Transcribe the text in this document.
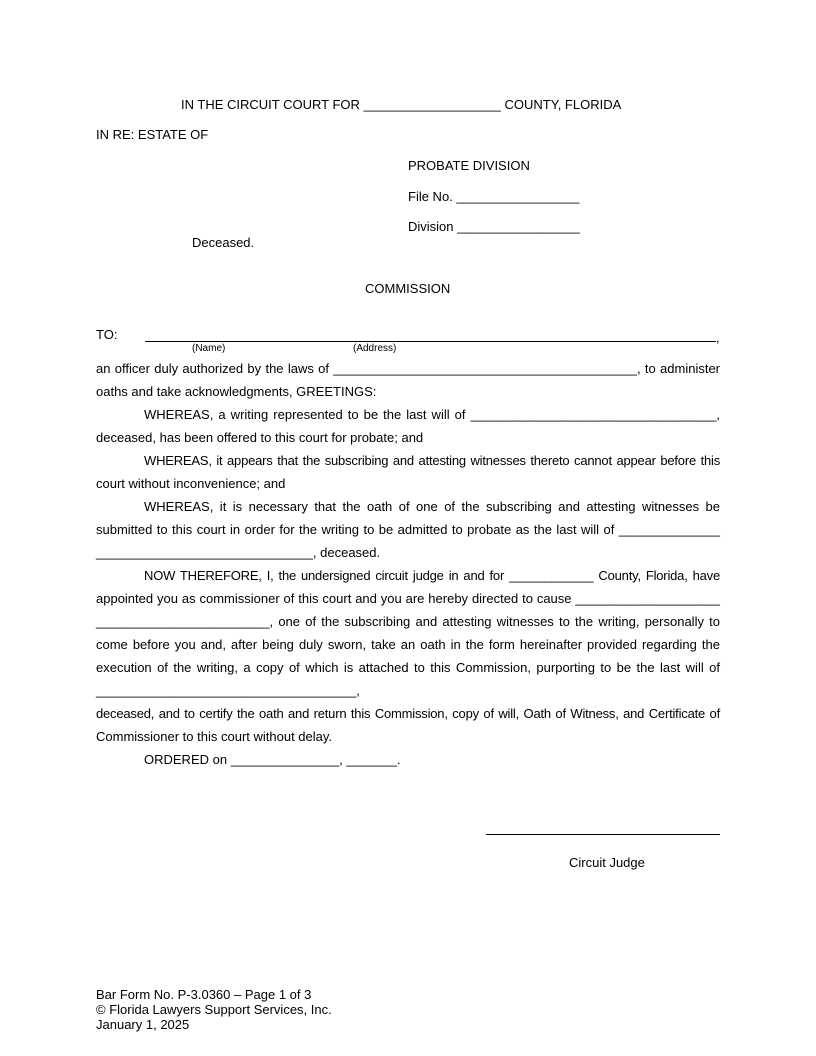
IN THE CIRCUIT COURT FOR ___________________ COUNTY, FLORIDA
IN RE: ESTATE OF
PROBATE DIVISION
File No. _________________
Division _________________
Deceased.
COMMISSION
TO:	,
(Name)	(Address)
an officer duly authorized by the laws of __________________________________________, to administer
oaths and take acknowledgments, GREETINGS:
WHEREAS, a writing represented to be the last will of __________________________________,
deceased, has been offered to this court for probate; and
WHEREAS, it appears that the subscribing and attesting witnesses thereto cannot appear before this
court without inconvenience; and
WHEREAS, it is necessary that the oath of one of the subscribing and attesting witnesses be
submitted to this court in order for the writing to be admitted to probate as the last will of ______________
______________________________, deceased.
NOW THEREFORE, I, the undersigned circuit judge in and for ____________ County, Florida, have
appointed you as commissioner of this court and you are hereby directed to cause ____________________
________________________, one of the subscribing and attesting witnesses to the writing, personally to
come before you and, after being duly sworn, take an oath in the form hereinafter provided regarding the
execution of the writing, a copy of which is attached to this Commission, purporting to be the last will of
____________________________________,
deceased, and to certify the oath and return this Commission, copy of will, Oath of Witness, and Certificate of
Commissioner to this court without delay.
ORDERED on _______________, _______.
Circuit Judge
Bar Form No. P-3.0360 – Page 1 of 3
© Florida Lawyers Support Services, Inc.
January 1, 2025
